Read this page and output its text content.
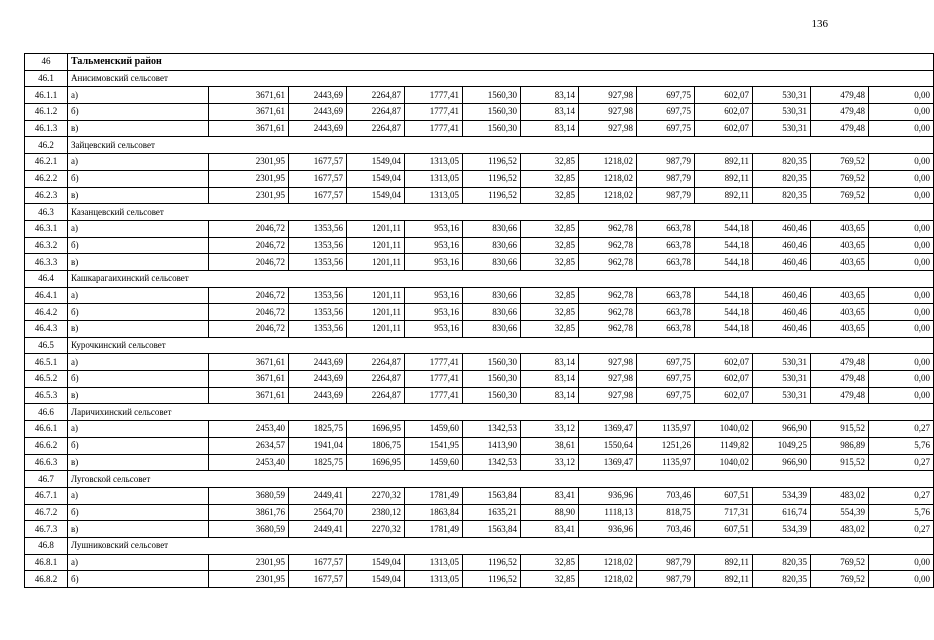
136
46	Тальменский район												
46.1	Анисимовский сельсовет												
46.1.1	а)	3671,61	2443,69	2264,87	1777,41	1560,30	83,14	927,98	697,75	602,07	530,31	479,48	0,00
46.1.2	б)	3671,61	2443,69	2264,87	1777,41	1560,30	83,14	927,98	697,75	602,07	530,31	479,48	0,00
46.1.3	в)	3671,61	2443,69	2264,87	1777,41	1560,30	83,14	927,98	697,75	602,07	530,31	479,48	0,00
46.2	Зайцевский сельсовет												
46.2.1	а)	2301,95	1677,57	1549,04	1313,05	1196,52	32,85	1218,02	987,79	892,11	820,35	769,52	0,00
46.2.2	б)	2301,95	1677,57	1549,04	1313,05	1196,52	32,85	1218,02	987,79	892,11	820,35	769,52	0,00
46.2.3	в)	2301,95	1677,57	1549,04	1313,05	1196,52	32,85	1218,02	987,79	892,11	820,35	769,52	0,00
46.3	Казанцевский сельсовет												
46.3.1	а)	2046,72	1353,56	1201,11	953,16	830,66	32,85	962,78	663,78	544,18	460,46	403,65	0,00
46.3.2	б)	2046,72	1353,56	1201,11	953,16	830,66	32,85	962,78	663,78	544,18	460,46	403,65	0,00
46.3.3	в)	2046,72	1353,56	1201,11	953,16	830,66	32,85	962,78	663,78	544,18	460,46	403,65	0,00
46.4	Кашкарагаихинский сельсовет												
46.4.1	а)	2046,72	1353,56	1201,11	953,16	830,66	32,85	962,78	663,78	544,18	460,46	403,65	0,00
46.4.2	б)	2046,72	1353,56	1201,11	953,16	830,66	32,85	962,78	663,78	544,18	460,46	403,65	0,00
46.4.3	в)	2046,72	1353,56	1201,11	953,16	830,66	32,85	962,78	663,78	544,18	460,46	403,65	0,00
46.5	Курочкинский сельсовет												
46.5.1	а)	3671,61	2443,69	2264,87	1777,41	1560,30	83,14	927,98	697,75	602,07	530,31	479,48	0,00
46.5.2	б)	3671,61	2443,69	2264,87	1777,41	1560,30	83,14	927,98	697,75	602,07	530,31	479,48	0,00
46.5.3	в)	3671,61	2443,69	2264,87	1777,41	1560,30	83,14	927,98	697,75	602,07	530,31	479,48	0,00
46.6	Ларичихинский сельсовет												
46.6.1	а)	2453,40	1825,75	1696,95	1459,60	1342,53	33,12	1369,47	1135,97	1040,02	966,90	915,52	0,27
46.6.2	б)	2634,57	1941,04	1806,75	1541,95	1413,90	38,61	1550,64	1251,26	1149,82	1049,25	986,89	5,76
46.6.3	в)	2453,40	1825,75	1696,95	1459,60	1342,53	33,12	1369,47	1135,97	1040,02	966,90	915,52	0,27
46.7	Луговской сельсовет												
46.7.1	а)	3680,59	2449,41	2270,32	1781,49	1563,84	83,41	936,96	703,46	607,51	534,39	483,02	0,27
46.7.2	б)	3861,76	2564,70	2380,12	1863,84	1635,21	88,90	1118,13	818,75	717,31	616,74	554,39	5,76
46.7.3	в)	3680,59	2449,41	2270,32	1781,49	1563,84	83,41	936,96	703,46	607,51	534,39	483,02	0,27
46.8	Лушниковский сельсовет												
46.8.1	а)	2301,95	1677,57	1549,04	1313,05	1196,52	32,85	1218,02	987,79	892,11	820,35	769,52	0,00
46.8.2	б)	2301,95	1677,57	1549,04	1313,05	1196,52	32,85	1218,02	987,79	892,11	820,35	769,52	0,00
